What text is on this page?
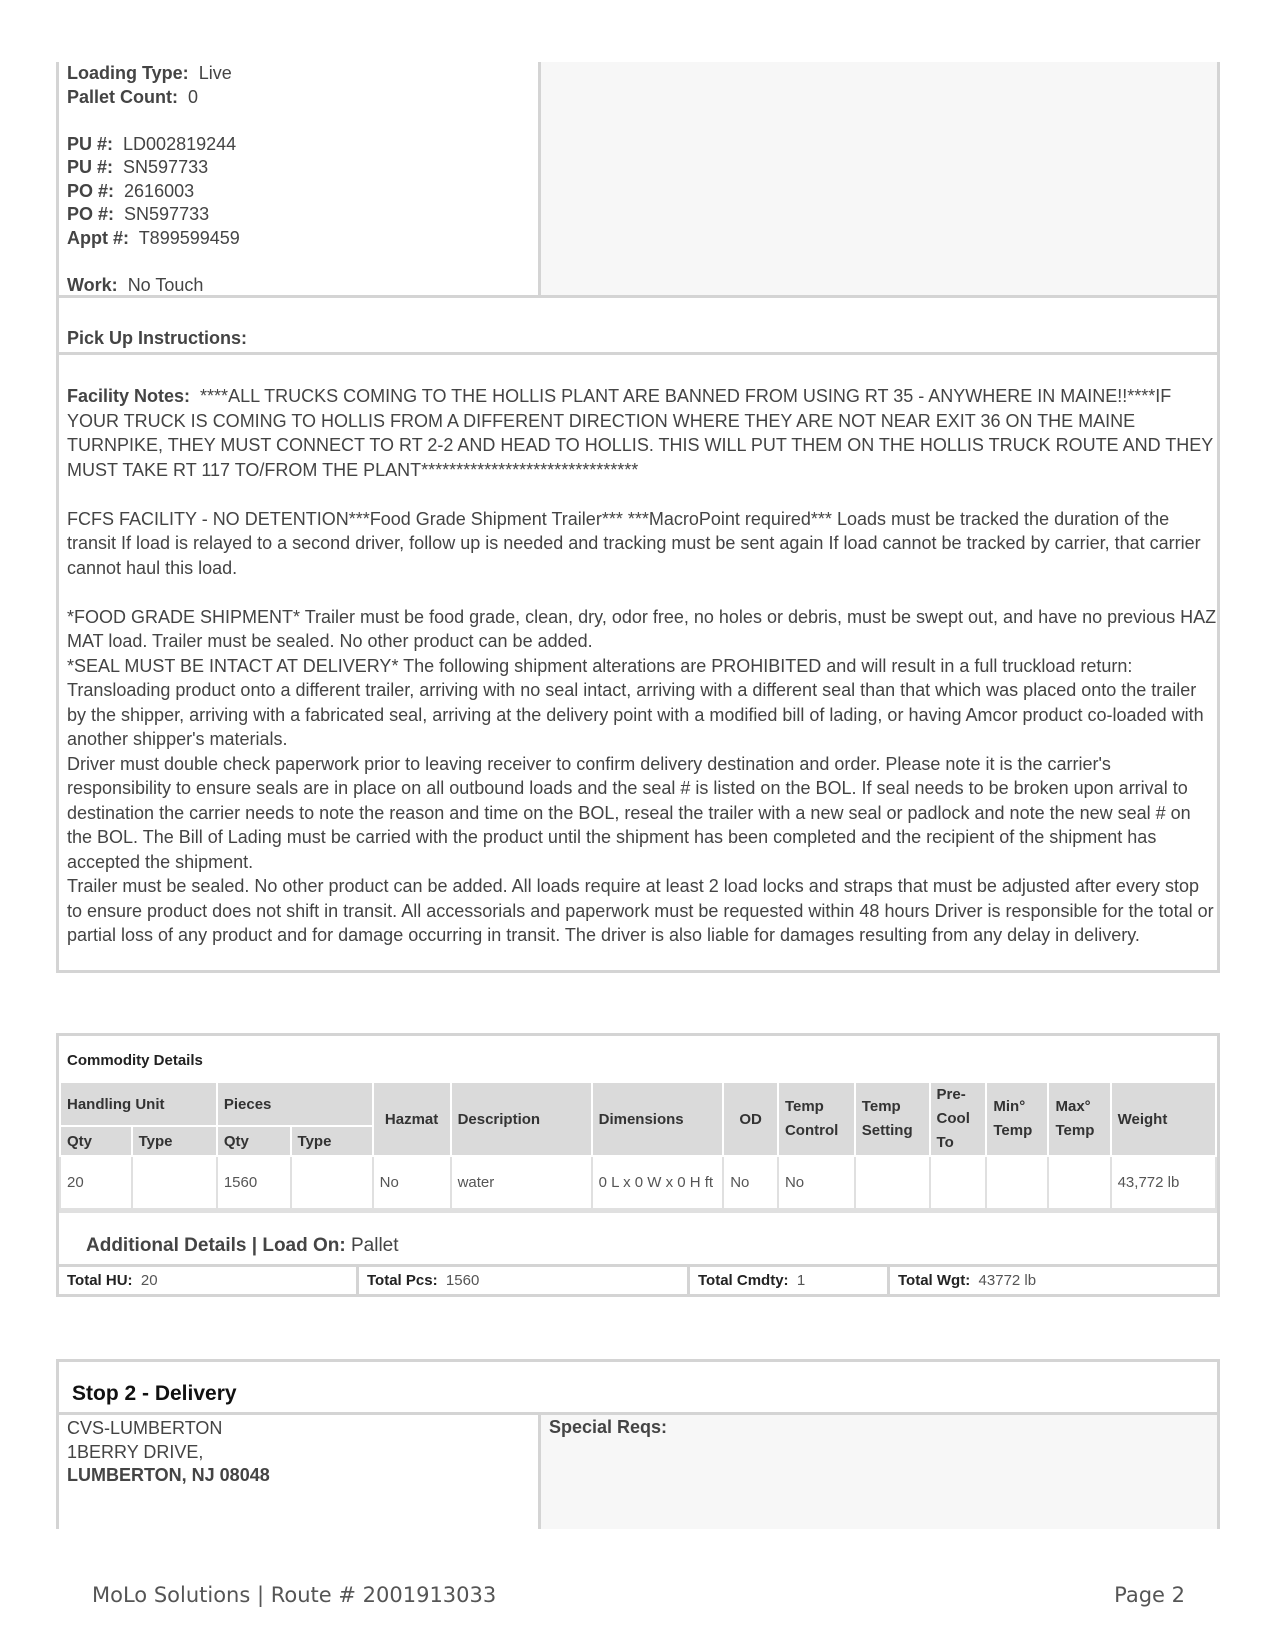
Loading Type: Live
Pallet Count: 0
PU #: LD002819244
PU #: SN597733
PO #: 2616003
PO #: SN597733
Appt #: T899599459
Work: No Touch
Pick Up Instructions:

Facility Notes: ****ALL TRUCKS COMING TO THE HOLLIS PLANT ARE BANNED FROM USING RT 35 - ANYWHERE IN MAINE!!****IF YOUR TRUCK IS COMING TO HOLLIS FROM A DIFFERENT DIRECTION WHERE THEY ARE NOT NEAR EXIT 36 ON THE MAINE TURNPIKE, THEY MUST CONNECT TO RT 2-2 AND HEAD TO HOLLIS. THIS WILL PUT THEM ON THE HOLLIS TRUCK ROUTE AND THEY MUST TAKE RT 117 TO/FROM THE PLANT*******************************

FCFS FACILITY - NO DETENTION***Food Grade Shipment Trailer*** ***MacroPoint required*** Loads must be tracked the duration of the transit If load is relayed to a second driver, follow up is needed and tracking must be sent again If load cannot be tracked by carrier, that carrier cannot haul this load.

*FOOD GRADE SHIPMENT* Trailer must be food grade, clean, dry, odor free, no holes or debris, must be swept out, and have no previous HAZ MAT load. Trailer must be sealed. No other product can be added.

*SEAL MUST BE INTACT AT DELIVERY* The following shipment alterations are PROHIBITED and will result in a full truckload return: Transloading product onto a different trailer, arriving with no seal intact, arriving with a different seal than that which was placed onto the trailer by the shipper, arriving with a fabricated seal, arriving at the delivery point with a modified bill of lading, or having Amcor product co-loaded with another shipper's materials.

Driver must double check paperwork prior to leaving receiver to confirm delivery destination and order. Please note it is the carrier's responsibility to ensure seals are in place on all outbound loads and the seal # is listed on the BOL. If seal needs to be broken upon arrival to destination the carrier needs to note the reason and time on the BOL, reseal the trailer with a new seal or padlock and note the new seal # on the BOL. The Bill of Lading must be carried with the product until the shipment has been completed and the recipient of the shipment has accepted the shipment.

Trailer must be sealed. No other product can be added. All loads require at least 2 load locks and straps that must be adjusted after every stop to ensure product does not shift in transit. All accessorials and paperwork must be requested within 48 hours Driver is responsible for the total or partial loss of any product and for damage occurring in transit. The driver is also liable for damages resulting from any delay in delivery.

Commodity Details
Handling Unit		Pieces		Hazmat	Description	Dimensions	OD	Temp Control	Temp Setting	Pre-Cool To	Min° Temp	Max° Temp	Weight
Qty	Type	Qty	Type										
20		1560		No	water	0 L x 0 W x 0 H ft	No	No					43,772 lb
Additional Details | Load On: Pallet
Total HU: 20	Total Pcs: 1560	Total Cmdty: 1	Total Wgt: 43772 lb
Stop 2 - Delivery
CVS-LUMBERTON
1BERRY DRIVE,
LUMBERTON, NJ 08048
Special Reqs:
MoLo Solutions | Route # 2001913033	Page 2
